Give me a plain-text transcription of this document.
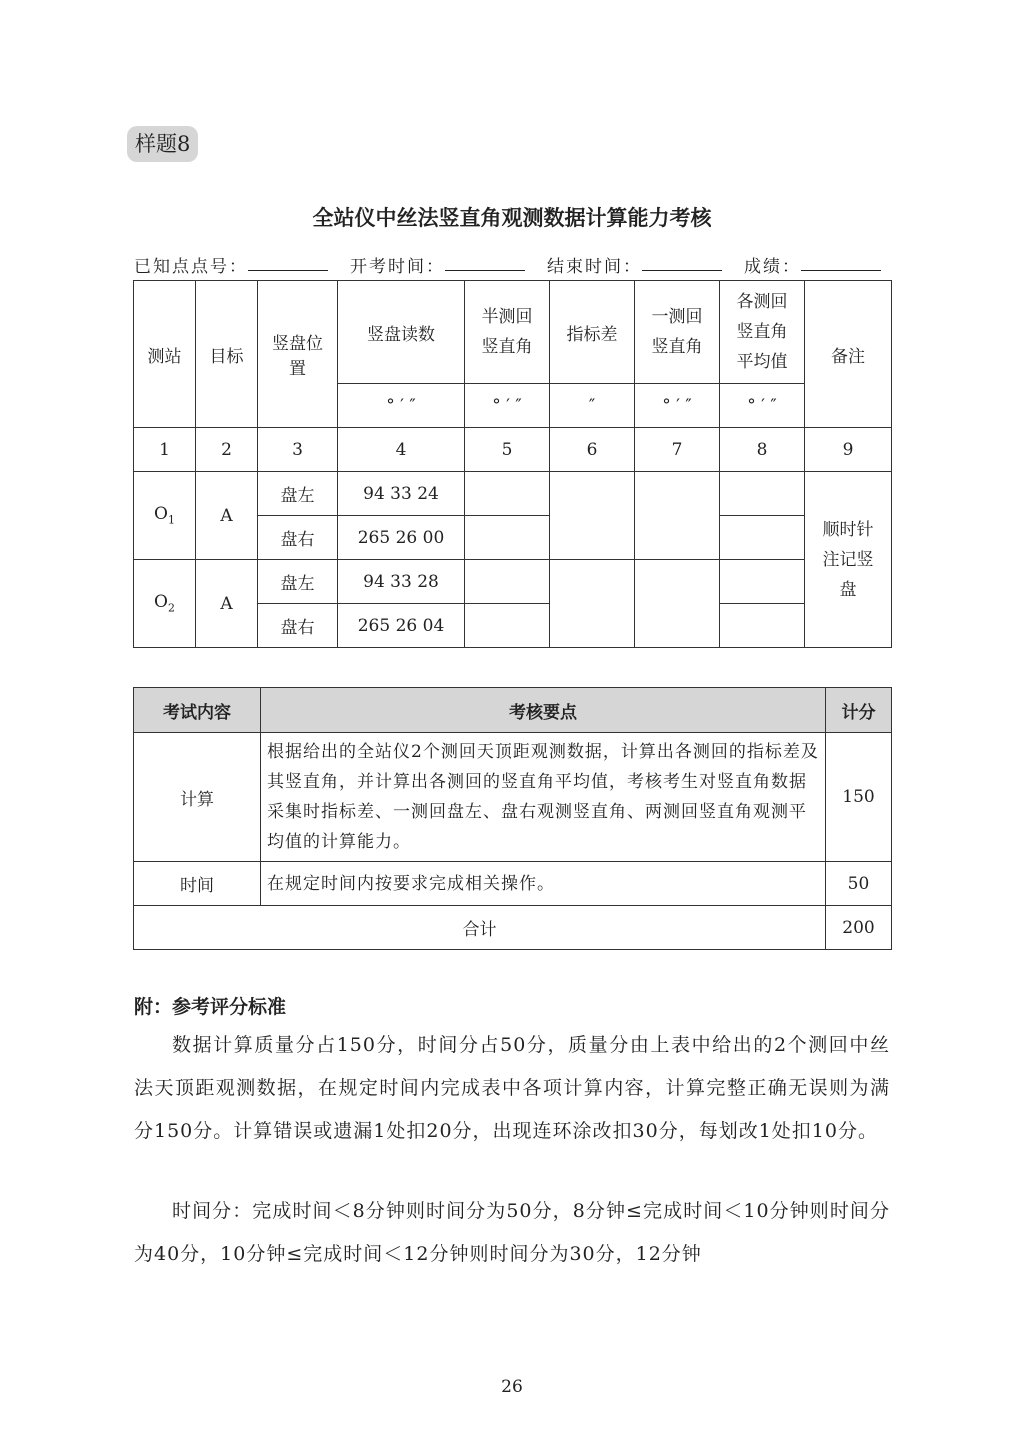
样题8
全站仪中丝法竖直角观测数据计算能力考核
已知点点号：	开考时间：	结束时间：	成绩：
测站	目标	竖盘位置	竖盘读数	半测回竖直角	指标差	一测回竖直角	各测回竖直角平均值	备注
			° ′ ″	° ′ ″	″	° ′ ″	° ′ ″	
1	2	3	4	5	6	7	8	9
$O_1$	A	盘左	94 33 24					顺时针注记竖盘
		盘右	265 26 00					
$O_2$	A	盘左	94 33 28					
		盘右	265 26 04					
考试内容	考核要点	计分
计算	根据给出的全站仪2个测回天顶距观测数据，计算出各测回的指标差及其竖直角，并计算出各测回的竖直角平均值，考核考生对竖直角数据采集时指标差、一测回盘左、盘右观测竖直角、两测回竖直角观测平均值的计算能力。	150
时间	在规定时间内按要求完成相关操作。	50
合计		200
附：参考评分标准
数据计算质量分占150分，时间分占50分，质量分由上表中给出的2个测回中丝法天顶距观测数据，在规定时间内完成表中各项计算内容，计算完整正确无误则为满分150分。计算错误或遗漏1处扣20分，出现连环涂改扣30分，每划改1处扣10分。
时间分：完成时间＜8分钟则时间分为50分，8分钟≤完成时间＜10分钟则时间分为40分，10分钟≤完成时间＜12分钟则时间分为30分，12分钟
26
